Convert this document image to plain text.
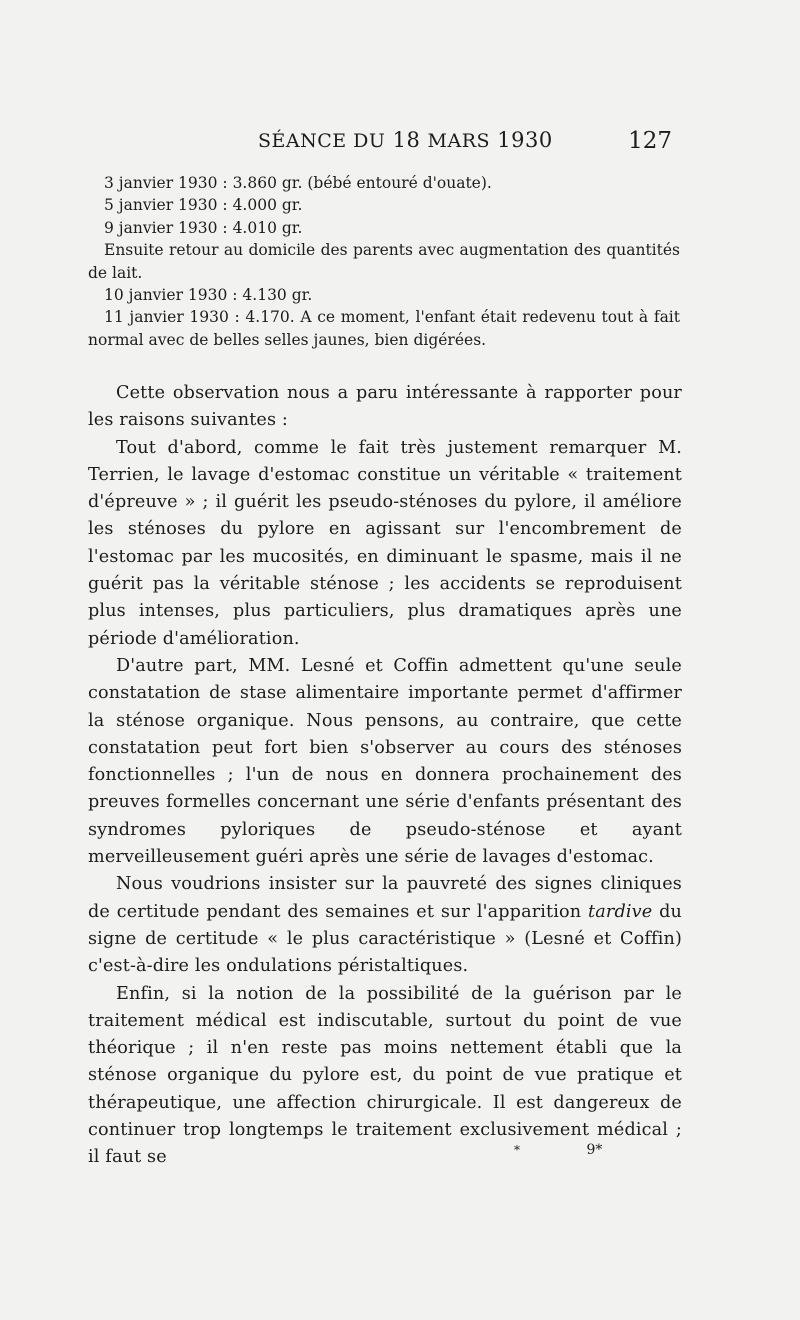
SÉANCE DU 18 MARS 1930	127

3 janvier 1930 : 3.860 gr. (bébé entouré d'ouate).

5 janvier 1930 : 4.000 gr.

9 janvier 1930 : 4.010 gr.

Ensuite retour au domicile des parents avec augmentation des quantités de lait.

10 janvier 1930 : 4.130 gr.

11 janvier 1930 : 4.170. A ce moment, l'enfant était redevenu tout à fait normal avec de belles selles jaunes, bien digérées.

Cette observation nous a paru intéressante à rapporter pour les raisons suivantes :

Tout d'abord, comme le fait très justement remarquer M. Terrien, le lavage d'estomac constitue un véritable « traitement d'épreuve » ; il guérit les pseudo-sténoses du pylore, il améliore les sténoses du pylore en agissant sur l'encombrement de l'estomac par les mucosités, en diminuant le spasme, mais il ne guérit pas la véritable sténose ; les accidents se reproduisent plus intenses, plus particuliers, plus dramatiques après une période d'amélioration.

D'autre part, MM. Lesné et Coffin admettent qu'une seule constatation de stase alimentaire importante permet d'affirmer la sténose organique. Nous pensons, au contraire, que cette constatation peut fort bien s'observer au cours des sténoses fonctionnelles ; l'un de nous en donnera prochainement des preuves formelles concernant une série d'enfants présentant des syndromes pyloriques de pseudo-sténose et ayant merveilleusement guéri après une série de lavages d'estomac.

Nous voudrions insister sur la pauvreté des signes cliniques de certitude pendant des semaines et sur l'apparition tardive du signe de certitude « le plus caractéristique » (Lesné et Coffin) c'est-à-dire les ondulations péristaltiques.

Enfin, si la notion de la possibilité de la guérison par le traitement médical est indiscutable, surtout du point de vue théorique ; il n'en reste pas moins nettement établi que la sténose organique du pylore est, du point de vue pratique et thérapeutique, une affection chirurgicale. Il est dangereux de continuer trop longtemps le traitement exclusivement médical ; il faut se	*	9*
